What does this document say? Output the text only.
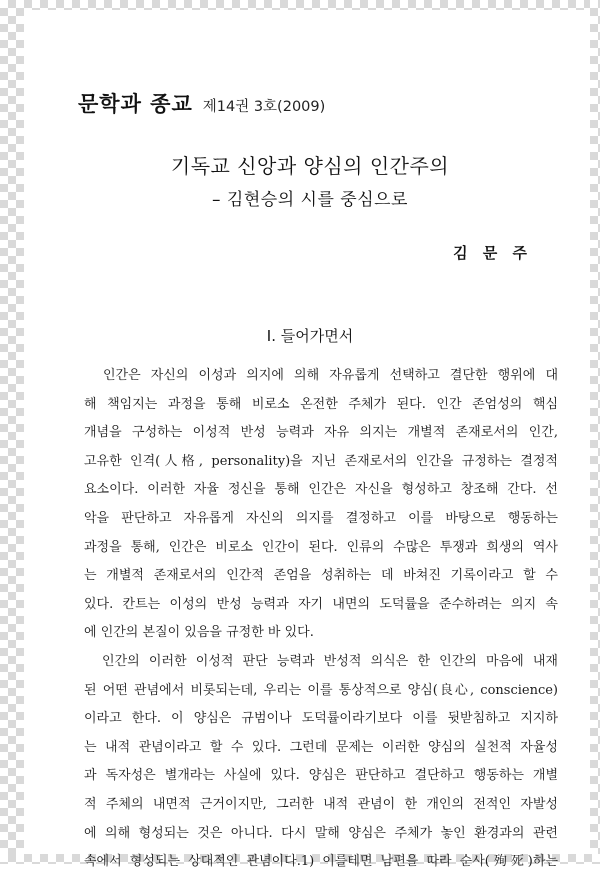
문학과 종교 제14권 3호(2009)
기독교 신앙과 양심의 인간주의
– 김현승의 시를 중심으로
김 문 주
Ⅰ. 들어가면서
　인간은 자신의 이성과 의지에 의해 자유롭게 선택하고 결단한 행위에 대
해 책임지는 과정을 통해 비로소 온전한 주체가 된다. 인간 존엄성의 핵심
개념을 구성하는 이성적 반성 능력과 자유 의지는 개별적 존재로서의 인간,
고유한 인격(人格, personality)을 지닌 존재로서의 인간을 규정하는 결정적
요소이다. 이러한 자율 정신을 통해 인간은 자신을 형성하고 창조해 간다. 선
악을 판단하고 자유롭게 자신의 의지를 결정하고 이를 바탕으로 행동하는
과정을 통해, 인간은 비로소 인간이 된다. 인류의 수많은 투쟁과 희생의 역사
는 개별적 존재로서의 인간적 존엄을 성취하는 데 바쳐진 기록이라고 할 수
있다. 칸트는 이성의 반성 능력과 자기 내면의 도덕률을 준수하려는 의지 속
에 인간의 본질이 있음을 규정한 바 있다.
　인간의 이러한 이성적 판단 능력과 반성적 의식은 한 인간의 마음에 내재
된 어떤 관념에서 비롯되는데, 우리는 이를 통상적으로 양심(良心, conscience)
이라고 한다. 이 양심은 규범이나 도덕률이라기보다 이를 뒷받침하고 지지하
는 내적 관념이라고 할 수 있다. 그런데 문제는 이러한 양심의 실천적 자율성
과 독자성은 별개라는 사실에 있다. 양심은 판단하고 결단하고 행동하는 개별
적 주체의 내면적 근거이지만, 그러한 내적 관념이 한 개인의 전적인 자발성
에 의해 형성되는 것은 아니다. 다시 말해 양심은 주체가 놓인 환경과의 관련
속에서 형성되는 상대적인 관념이다.1) 이를테면 남편을 따라 순사(殉死)하는
